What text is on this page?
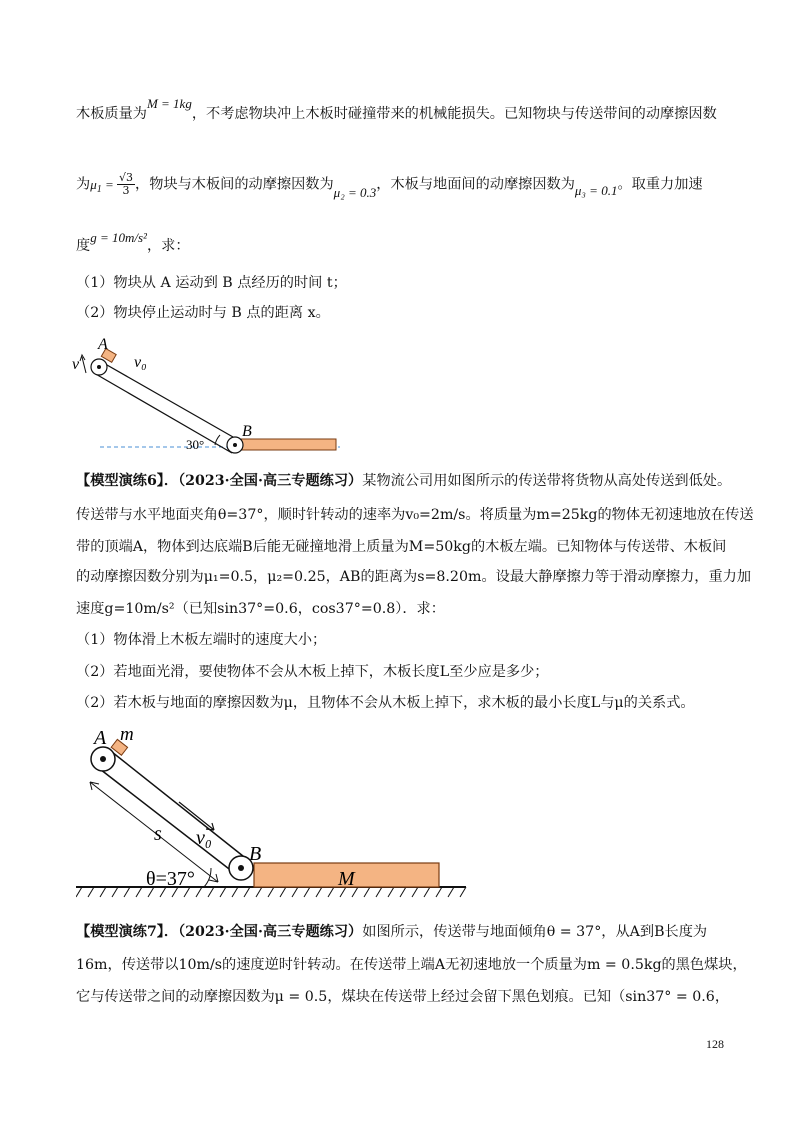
木板质量为M = 1kg，不考虑物块冲上木板时碰撞带来的机械能损失。已知物块与传送带间的动摩擦因数
为$\mu_1 = \frac{√3}{3}$ ，物块与木板间的动摩擦因数为μ₂ = 0.3，木板与地面间的动摩擦因数为μ₃ = 0.1。取重力加速
度g = 10m/s²，求：
（1）物块从 A 运动到 B 点经历的时间 t；
（2）物块停止运动时与 B 点的距离 x。
A
v	v₀
B
30°
【模型演练6】．（2023·全国·高三专题练习）某物流公司用如图所示的传送带将货物从高处传送到低处。
传送带与水平地面夹角θ=37°，顺时针转动的速率为v₀=2m/s。将质量为m=25kg的物体无初速地放在传送
带的顶端A，物体到达底端B后能无碰撞地滑上质量为M=50kg的木板左端。已知物体与传送带、木板间
的动摩擦因数分别为μ₁=0.5，μ₂=0.25，AB的距离为s=8.20m。设最大静摩擦力等于滑动摩擦力，重力加
速度g=10m/s²（已知sin37°=0.6，cos37°=0.8）．求：
（1）物体滑上木板左端时的速度大小；
（2）若地面光滑，要使物体不会从木板上掉下，木板长度L至少应是多少；
（2）若木板与地面的摩擦因数为μ，且物体不会从木板上掉下，求木板的最小长度L与μ的关系式。
A m
s v₀
B
M
θ=37°
【模型演练7】．（2023·全国·高三专题练习）如图所示，传送带与地面倾角θ = 37°，从A到B长度为
16m，传送带以10m/s的速度逆时针转动。在传送带上端A无初速地放一个质量为m = 0.5kg的黑色煤块，
它与传送带之间的动摩擦因数为μ = 0.5，煤块在传送带上经过会留下黑色划痕。已知（sin37° = 0.6，
128
